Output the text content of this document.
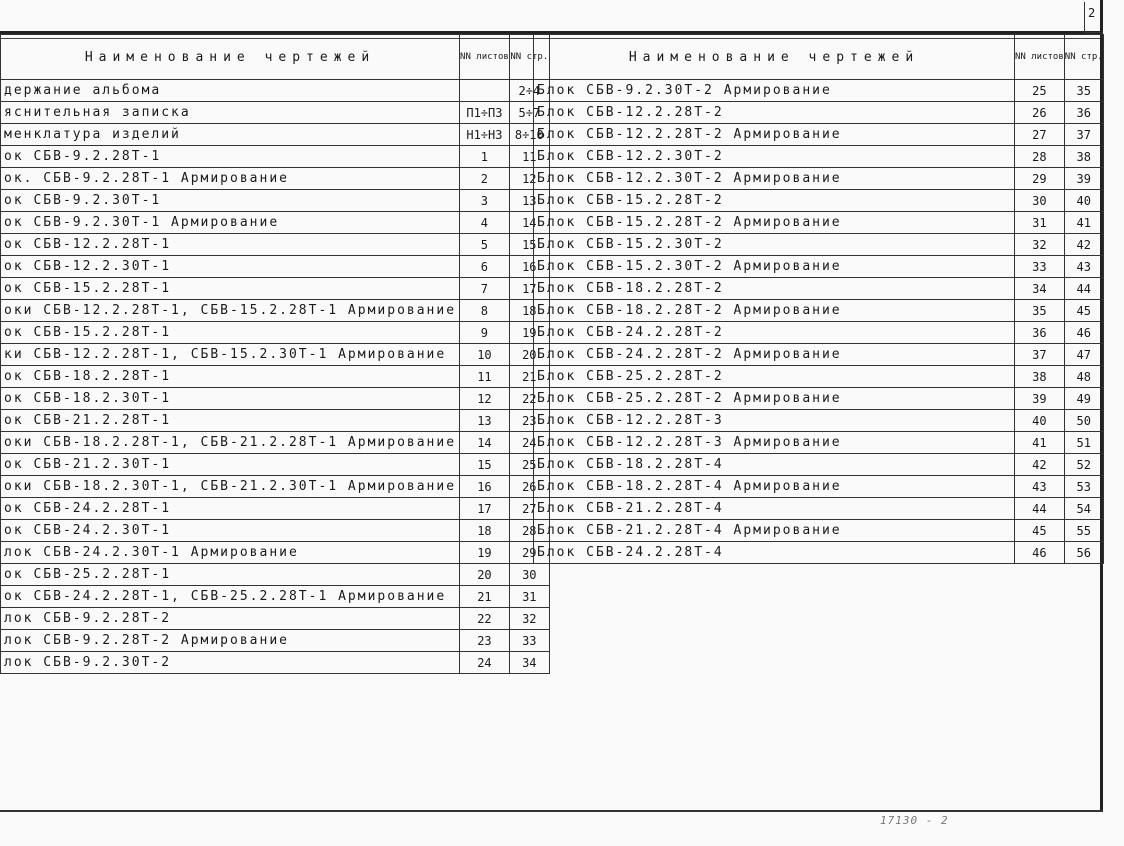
2
17130 - 2
Наименование чертежей	NN листов	NN стр.
держание альбома		2÷4
яснительная записка	П1÷П3	5÷7
менклатура изделий	Н1÷Н3	8÷10
ок СБВ-9.2.28Т-1	1	11
ок. СБВ-9.2.28Т-1 Армирование	2	12
ок СБВ-9.2.30Т-1	3	13
ок СБВ-9.2.30Т-1 Армирование	4	14
ок СБВ-12.2.28Т-1	5	15
ок СБВ-12.2.30Т-1	6	16
ок СБВ-15.2.28Т-1	7	17
оки СБВ-12.2.28Т-1, СБВ-15.2.28Т-1 Армирование	8	18
ок СБВ-15.2.28Т-1	9	19
ки СБВ-12.2.28Т-1, СБВ-15.2.30Т-1 Армирование	10	20
ок СБВ-18.2.28Т-1	11	21
ок СБВ-18.2.30Т-1	12	22
ок СБВ-21.2.28Т-1	13	23
оки СБВ-18.2.28Т-1, СБВ-21.2.28Т-1 Армирование	14	24
ок СБВ-21.2.30Т-1	15	25
оки СБВ-18.2.30Т-1, СБВ-21.2.30Т-1 Армирование	16	26
ок СБВ-24.2.28Т-1	17	27
ок СБВ-24.2.30Т-1	18	28
лок СБВ-24.2.30Т-1 Армирование	19	29
ок СБВ-25.2.28Т-1	20	30
ок СБВ-24.2.28Т-1, СБВ-25.2.28Т-1 Армирование	21	31
лок СБВ-9.2.28Т-2	22	32
лок СБВ-9.2.28Т-2 Армирование	23	33
лок СБВ-9.2.30Т-2	24	34
Наименование чертежей	NN листов	NN стр.
Блок СБВ-9.2.30Т-2 Армирование	25	35
Блок СБВ-12.2.28Т-2	26	36
Блок СБВ-12.2.28Т-2 Армирование	27	37
Блок СБВ-12.2.30Т-2	28	38
Блок СБВ-12.2.30Т-2 Армирование	29	39
Блок СБВ-15.2.28Т-2	30	40
Блок СБВ-15.2.28Т-2 Армирование	31	41
Блок СБВ-15.2.30Т-2	32	42
Блок СБВ-15.2.30Т-2 Армирование	33	43
Блок СБВ-18.2.28Т-2	34	44
Блок СБВ-18.2.28Т-2 Армирование	35	45
Блок СБВ-24.2.28Т-2	36	46
Блок СБВ-24.2.28Т-2 Армирование	37	47
Блок СБВ-25.2.28Т-2	38	48
Блок СБВ-25.2.28Т-2 Армирование	39	49
Блок СБВ-12.2.28Т-3	40	50
Блок СБВ-12.2.28Т-3 Армирование	41	51
Блок СБВ-18.2.28Т-4	42	52
Блок СБВ-18.2.28Т-4 Армирование	43	53
Блок СБВ-21.2.28Т-4	44	54
Блок СБВ-21.2.28Т-4 Армирование	45	55
Блок СБВ-24.2.28Т-4	46	56
